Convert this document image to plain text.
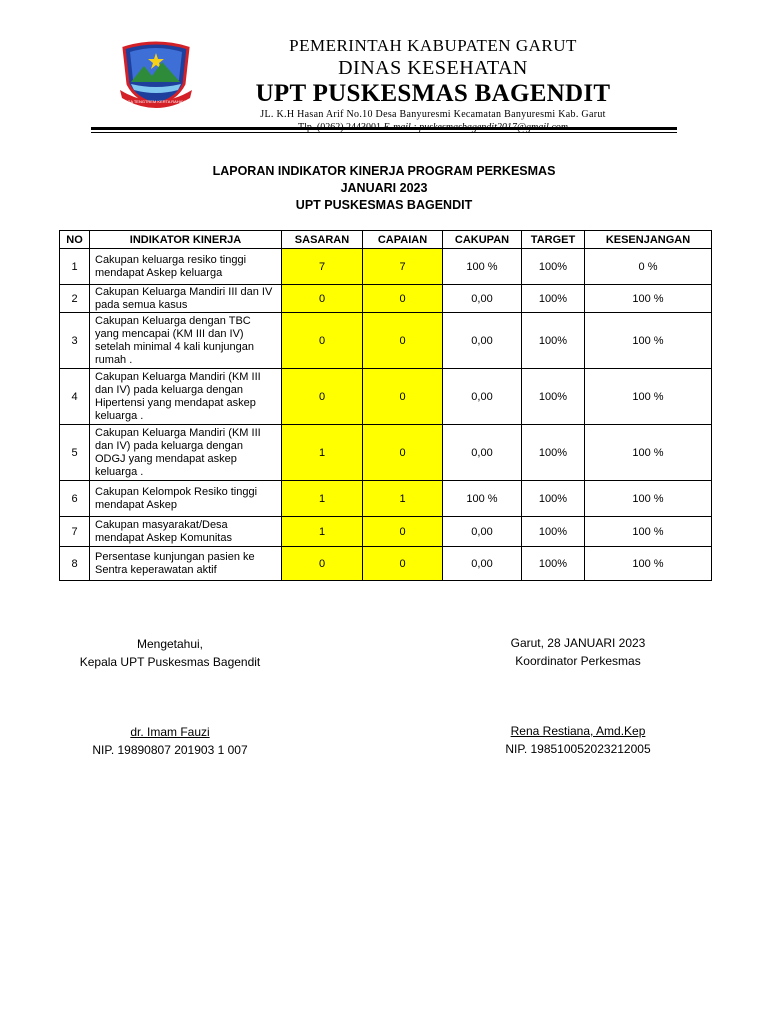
NGA TENGTREM KERTA RAHAYU
PEMERINTAH KABUPATEN GARUT
DINAS KESEHATAN
UPT PUSKESMAS BAGENDIT
JL. K.H Hasan Arif No.10 Desa Banyuresmi Kecamatan Banyuresmi Kab. Garut
LAPORAN INDIKATOR KINERJA PROGRAM PERKESMAS
JANUARI 2023
UPT PUSKESMAS BAGENDIT
NO	INDIKATOR KINERJA	SASARAN	CAPAIAN	CAKUPAN	TARGET	KESENJANGAN
1	Cakupan keluarga resiko tinggi mendapat Askep keluarga	7	7	100 %	100%	0 %
2	Cakupan Keluarga Mandiri III dan IV pada semua kasus	0	0	0,00	100%	100 %
3	Cakupan Keluarga dengan TBC yang mencapai (KM III dan IV) setelah minimal 4 kali kunjungan rumah .	0	0	0,00	100%	100 %
4	Cakupan Keluarga Mandiri (KM III dan IV) pada keluarga dengan Hipertensi yang mendapat askep keluarga .	0	0	0,00	100%	100 %
5	Cakupan Keluarga Mandiri (KM III dan IV) pada keluarga dengan ODGJ yang mendapat askep keluarga .	1	0	0,00	100%	100 %
6	Cakupan Kelompok Resiko tinggi mendapat Askep	1	1	100 %	100%	100 %
7	Cakupan masyarakat/Desa mendapat Askep Komunitas	1	0	0,00	100%	100 %
8	Persentase kunjungan pasien ke Sentra keperawatan aktif	0	0	0,00	100%	100 %
Mengetahui,
Kepala UPT Puskesmas Bagendit
dr. Imam Fauzi
NIP. 19890807 201903 1 007
Garut, 28 JANUARI 2023
Koordinator Perkesmas
Rena Restiana, Amd.Kep
NIP. 198510052023212005
